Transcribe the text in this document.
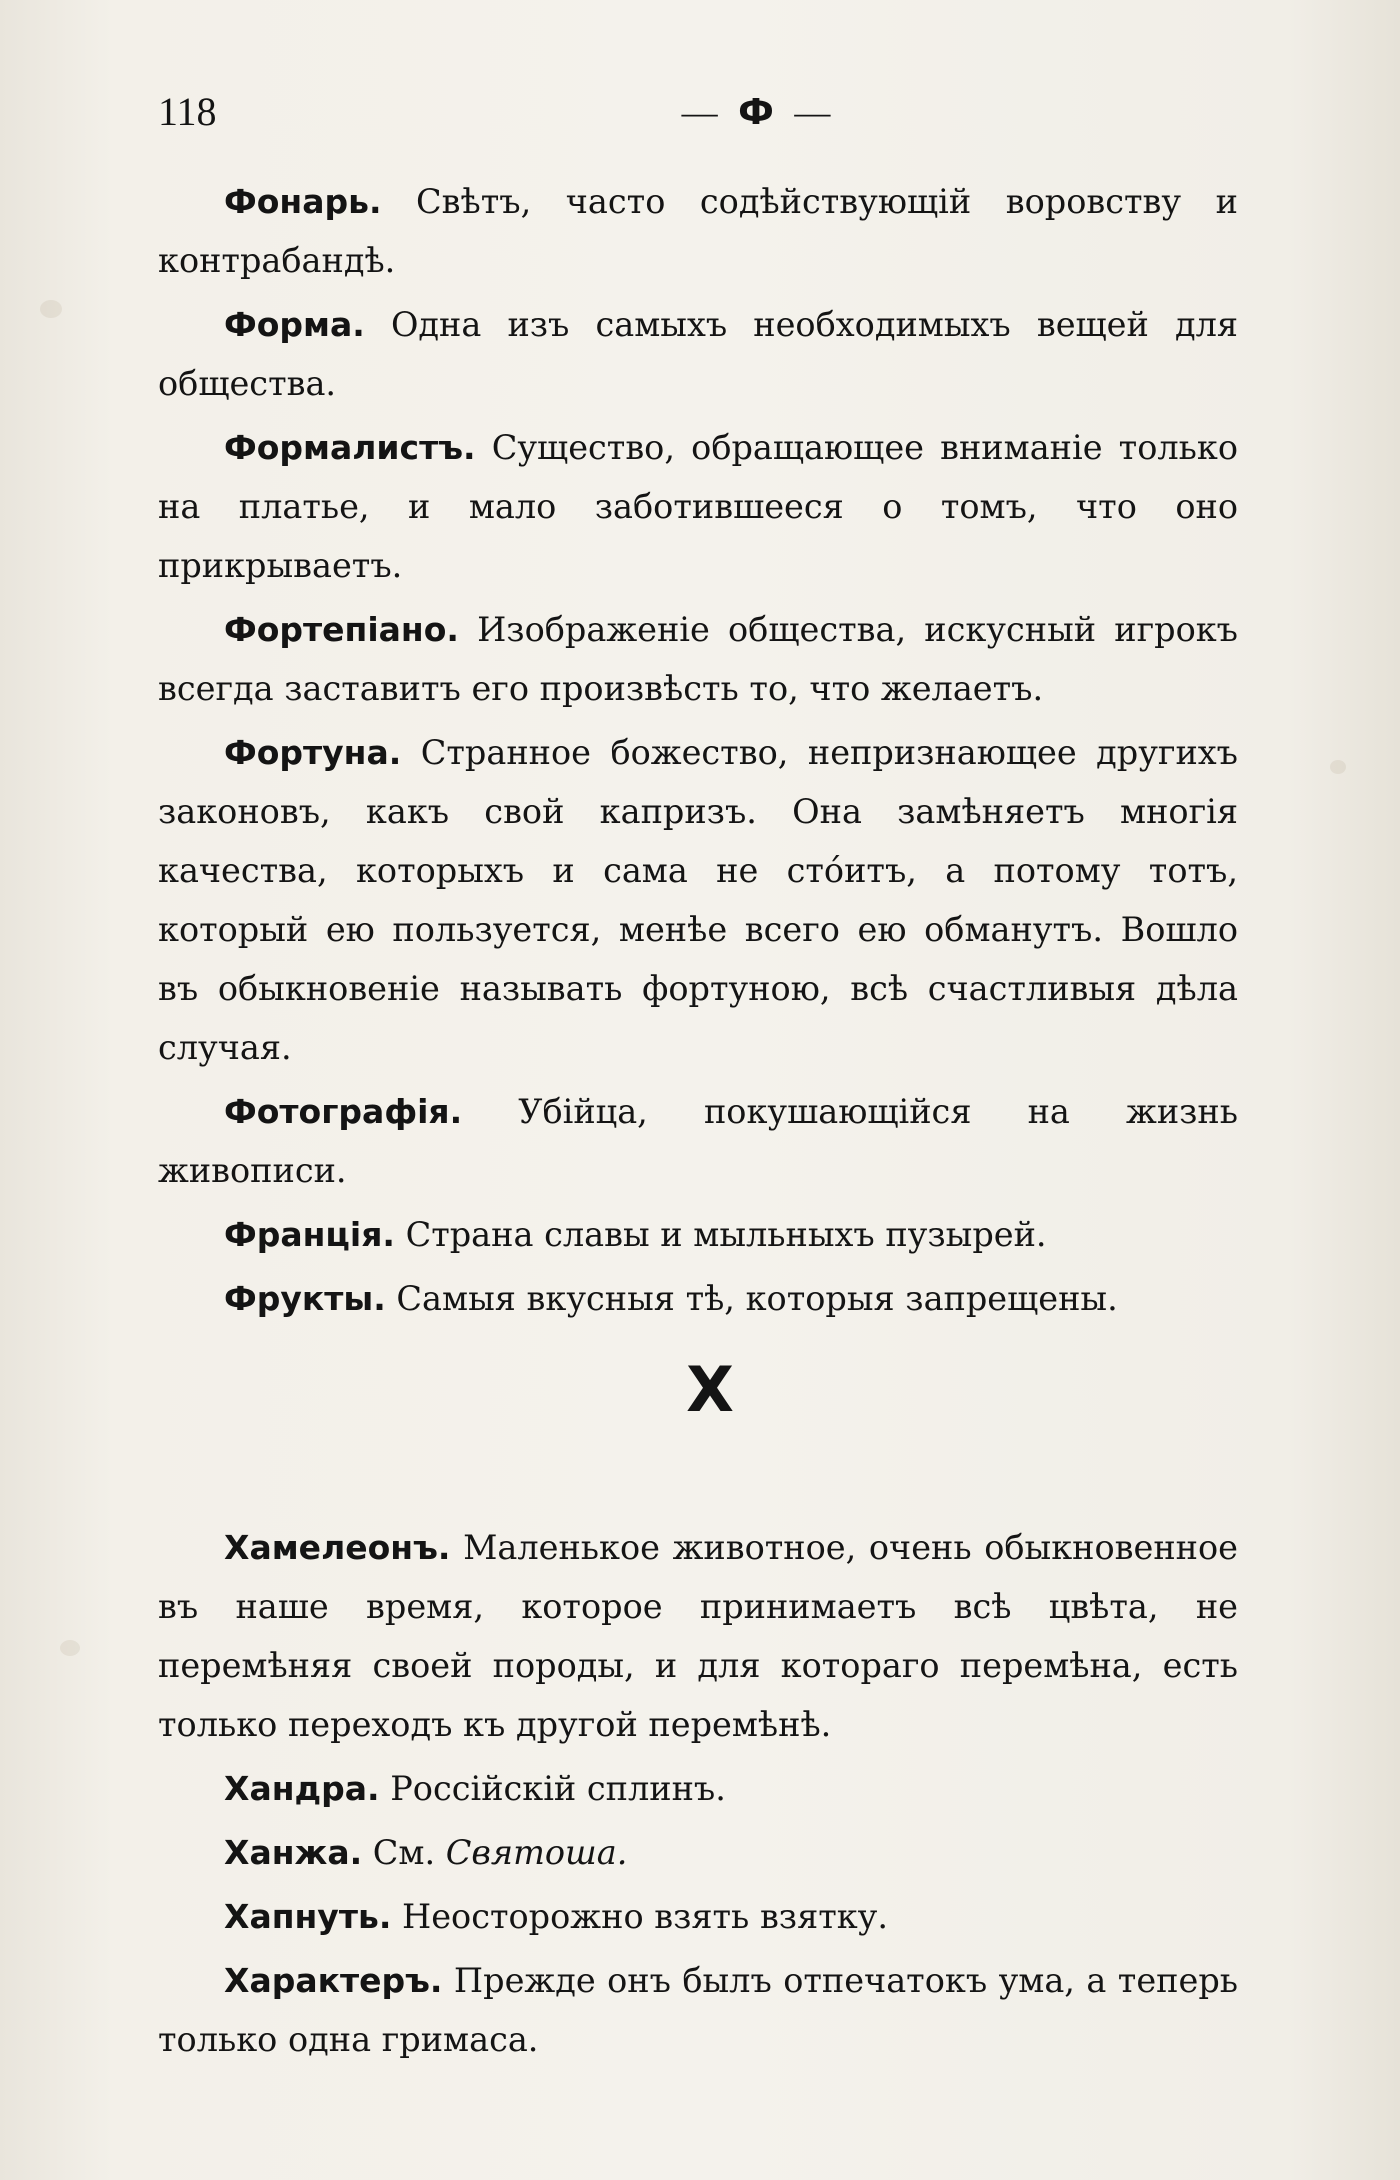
118	— Ф —

Фонарь. Свѣтъ, часто содѣйствующій воровству и контрабандѣ.

Форма. Одна изъ самыхъ необходимыхъ вещей для общества.

Формалистъ. Существо, обращающее вниманіе только на платье, и мало заботившееся о томъ, что оно прикрываетъ.

Фортепіано. Изображеніе общества, искусный игрокъ всегда заставитъ его произвѣсть то, что желаетъ.

Фортуна. Странное божество, непризнающее другихъ законовъ, какъ свой капризъ. Она замѣняетъ многія качества, которыхъ и сама не стóитъ, а потому тотъ, который ею пользуется, менѣе всего ею обманутъ. Вошло въ обыкновеніе называть фортуною, всѣ счастливыя дѣла случая.

Фотографія. Убійца, покушающійся на жизнь живописи.

Франція. Страна славы и мыльныхъ пузырей.

Фрукты. Самыя вкусныя тѣ, которыя запрещены.

Х

Хамелеонъ. Маленькое животное, очень обыкновенное въ наше время, которое принимаетъ всѣ цвѣта, не перемѣняя своей породы, и для котораго перемѣна, есть только переходъ къ другой перемѣнѣ.

Хандра. Россійскій сплинъ.

Ханжа. См. Святоша.

Хапнуть. Неосторожно взять взятку.

Характеръ. Прежде онъ былъ отпечатокъ ума, а теперь только одна гримаса.
